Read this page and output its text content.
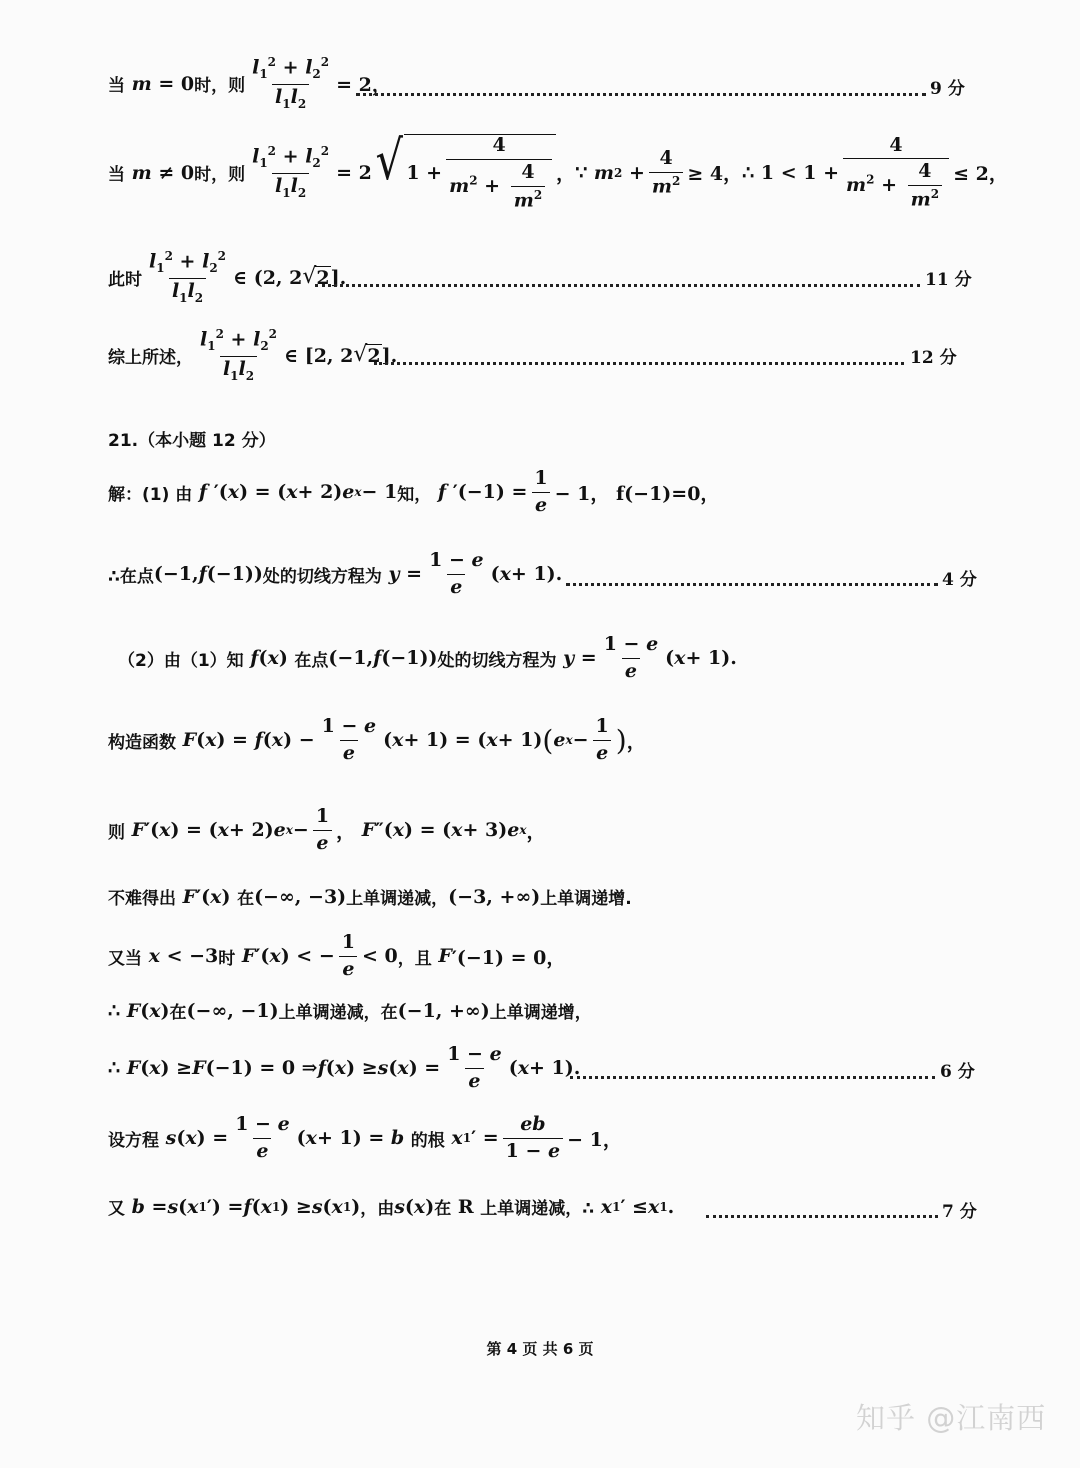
当 m = 0 时，则 $\frac{l_1^2 + l_2^2}{l_1l_2} = 2$，	9 分
当 m ≠ 0 时，则 $\frac{l_1^2 + l_2^2}{l_1l_2} = 2$ √ $1 + \frac{4}{m^2 + \frac{4}{m^2}}$ ， ∵
m $2 + \frac{4}{m^2} \ge 4$， ∴ $1 < 1 + \frac{4}{m^2 + \frac{4}{m^2}} \le 2$，
此时 $\frac{l_1^2 + l_2^2}{l_1l_2}$ ∈ (2, 2 √ 2 ].	11 分
综上所述， $\frac{l_1^2 + l_2^2}{l_1l_2}$ ∈ [2, 2 √ 2 ].	12 分
21.（本小题 12 分）
解：(1) 由
f ′( x ) = ( x + 2) e x − 1 知，
f $'(-1) = \frac{1}{e} - 1$， f(−1)=0，
∴在点 (−1, f (−1)) 处的切线方程为
$y = \frac{1 - e}{e}$ ( x + 1).	4 分
（2）由（1）知
f ( x ) 在点 (−1, f (−1)) 处的切线方程为
$y = \frac{1 - e}{e}$ ( x + 1).
构造函数
F ( x ) = f ( x ) − $\frac{1 - e}{e}$ ( x + 1) = ( x + 1) ( e $x - \frac{1}{e}$ ) ，
则
F ′( x ) = ( x + 2) e $x - \frac{1}{e}$ ， F ″( x ) = ( x + 3) e x ，
不难得出
F ′( x ) 在 (−∞, −3) 上单调递减， (−3, +∞) 上单调递增.
又当
x < −3 时
F ′( x ) < − $\frac{1}{e} < 0$ ，且
F ′(−1) = 0，
∴
F ( x ) 在 (−∞, −1) 上单调递减，在 (−1, +∞) 上单调递增，
∴
F ( x ) ≥ F (−1) = 0 ⇒ f ( x ) ≥ s ( x ) = $\frac{1 - e}{e}$ ( x + 1).	6 分
设方程
s ( x ) = $\frac{1 - e}{e}$ ( x + 1) = b
的根
x 1 ′ = $\frac{eb}{1 - e} - 1$，
又
b = s ( x 1 ′) = f ( x 1 ) ≥ s ( x 1 ) ，由 s ( x ) 在
R
上单调递减，∴
x 1 ′ ≤ x 1 .	7 分
第 4 页 共 6 页
知乎 @江南西
